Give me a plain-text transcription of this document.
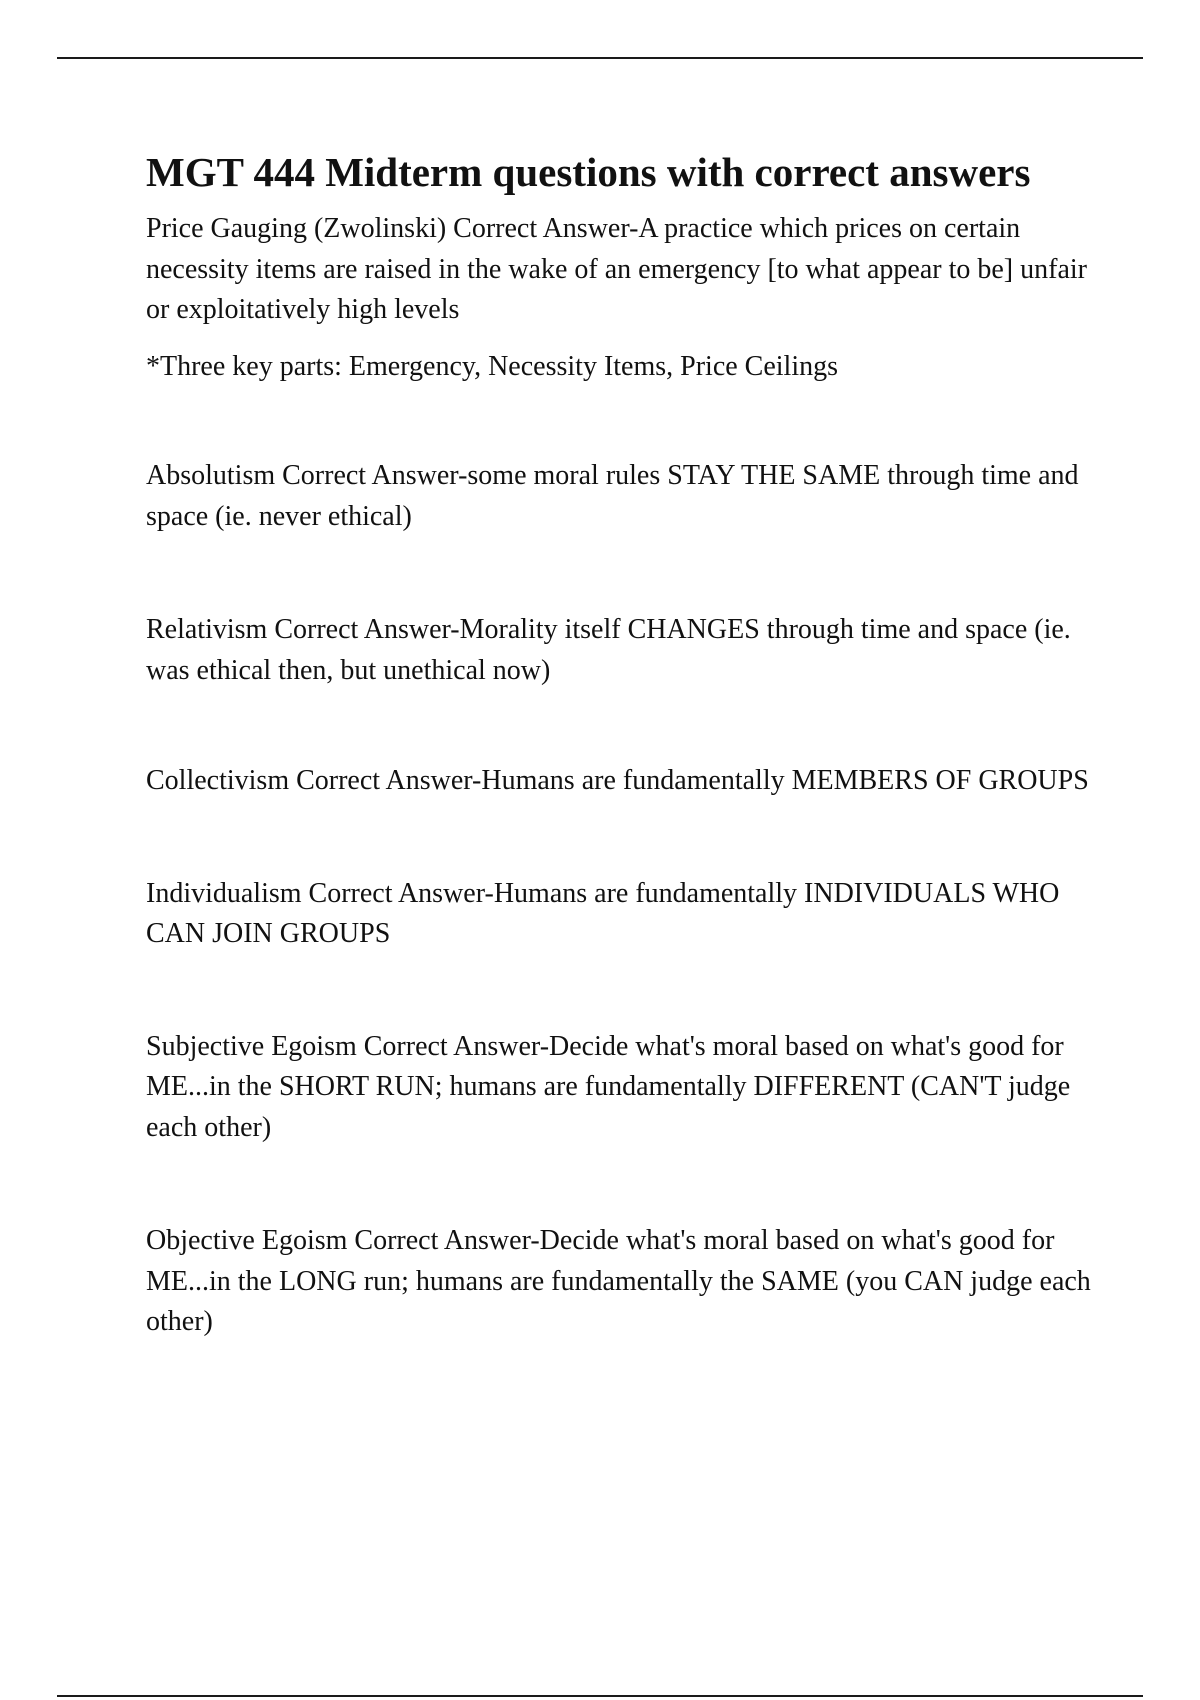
MGT 444 Midterm questions with correct answers

Price Gauging (Zwolinski) Correct Answer-A practice which prices on certain necessity items are raised in the wake of an emergency [to what appear to be] unfair or exploitatively high levels

*Three key parts: Emergency, Necessity Items, Price Ceilings

Absolutism Correct Answer-some moral rules STAY THE SAME through time and space (ie. never ethical)

Relativism Correct Answer-Morality itself CHANGES through time and space (ie. was ethical then, but unethical now)

Collectivism Correct Answer-Humans are fundamentally MEMBERS OF GROUPS

Individualism Correct Answer-Humans are fundamentally INDIVIDUALS WHO CAN JOIN GROUPS

Subjective Egoism Correct Answer-Decide what's moral based on what's good for ME...in the SHORT RUN; humans are fundamentally DIFFERENT (CAN'T judge each other)

Objective Egoism Correct Answer-Decide what's moral based on what's good for ME...in the LONG run; humans are fundamentally the SAME (you CAN judge each other)
